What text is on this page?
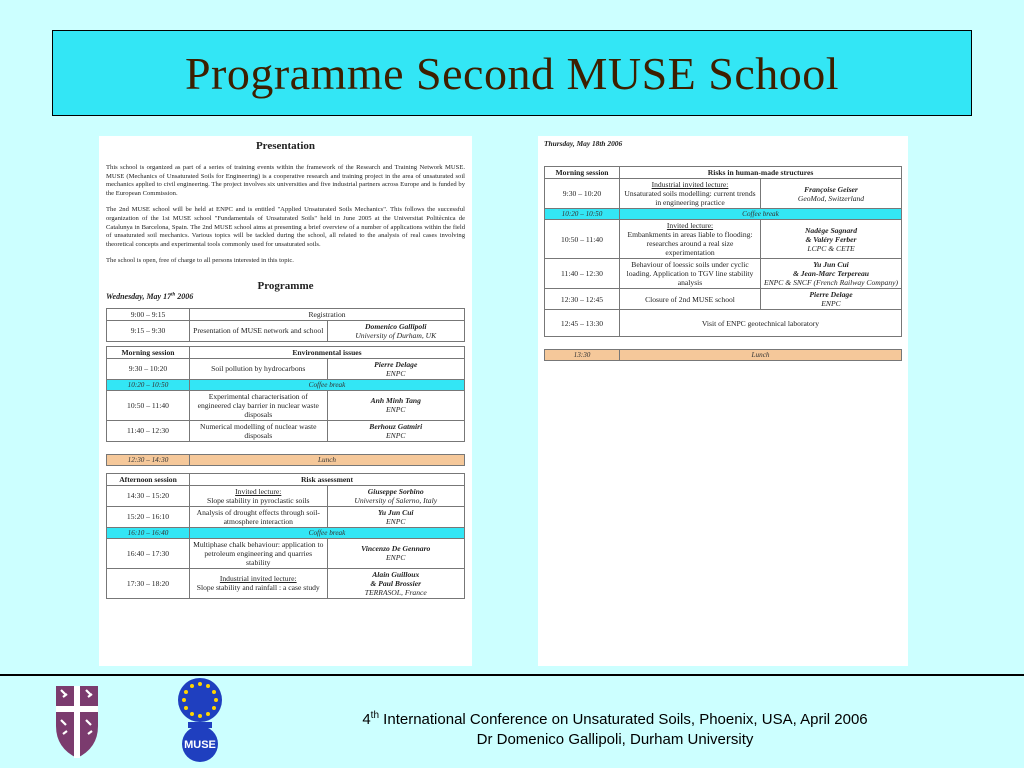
Programme Second MUSE School
Presentation

This school is organized as part of a series of training events within the framework of the Research and Training Network MUSE. MUSE (Mechanics of Unsaturated Soils for Engineering) is a cooperative research and training project in the area of unsaturated soil mechanics applied to civil engineering. The project involves six universities and five industrial partners across Europe and is funded by the European Commission.

The 2nd MUSE school will be held at ENPC and is entitled "Applied Unsaturated Soils Mechanics". This follows the successful organization of the 1st MUSE school "Fundamentals of Unsaturated Soils" held in June 2005 at the Universitat Politècnica de Catalunya in Barcelona, Spain. The 2nd MUSE school aims at presenting a brief overview of a number of applications within the field of unsaturated soil mechanics. Various topics will be tackled during the school, all related to the analysis of real cases involving theoretical concepts and experimental tools commonly used for unsaturated soils.

The school is open, free of charge to all persons interested in this topic.

Programme

Wednesday, May 17th 2006

9:00 – 9:15	Registration	
9:15 – 9:30	Presentation of MUSE network and school	Domenico Gallipoli
University of Durham, UK
Morning session	Environmental issues	
9:30 – 10:20	Soil pollution by hydrocarbons	Pierre Delage
ENPC
10:20 – 10:50	Coffee break	
10:50 – 11:40	Experimental characterisation of engineered clay barrier in nuclear waste disposals	Anh Minh Tang
ENPC
11:40 – 12:30	Numerical modelling of nuclear waste disposals	Berhouz Gatmiri
ENPC
12:30 – 14:30	Lunch
Afternoon session	Risk assessment	
14:30 – 15:20	Invited lecture:
Slope stability in pyroclastic soils	Giuseppe Sorbino
University of Salerno, Italy
15:20 – 16:10	Analysis of drought effects through soil-atmosphere interaction	Yu Jun Cui
ENPC
16:10 – 16:40	Coffee break	
16:40 – 17:30	Multiphase chalk behaviour: application to petroleum engineering and quarries stability	Vincenzo De Gennaro
ENPC
17:30 – 18:20	Industrial invited lecture:
Slope stability and rainfall : a case study	Alain Guilloux
& Paul Brossier
TERRASOL, France

Thursday, May 18th 2006

Morning session	Risks in human-made structures	
9:30 – 10:20	Industrial invited lecture:
Unsaturated soils modelling: current trends in engineering practice	Françoise Geiser
GeoMod, Switzerland
10:20 – 10:50	Coffee break	
10:50 – 11:40	Invited lecture:
Embankments in areas liable to flooding: researches around a real size experimentation	Nadège Sagnard
& Valéry Ferber
LCPC & CETE
11:40 – 12:30	Behaviour of loessic soils under cyclic loading. Application to TGV line stability analysis	Yu Jun Cui
& Jean-Marc Terpereau
ENPC & SNCF (French Railway Company)
12:30 – 12:45	Closure of 2nd MUSE school	Pierre Delage
ENPC
12:45 – 13:30	Visit of ENPC geotechnical laboratory	
13:30	Lunch
MUSE
4th International Conference on Unsaturated Soils, Phoenix, USA, April 2006
Dr Domenico Gallipoli, Durham University
